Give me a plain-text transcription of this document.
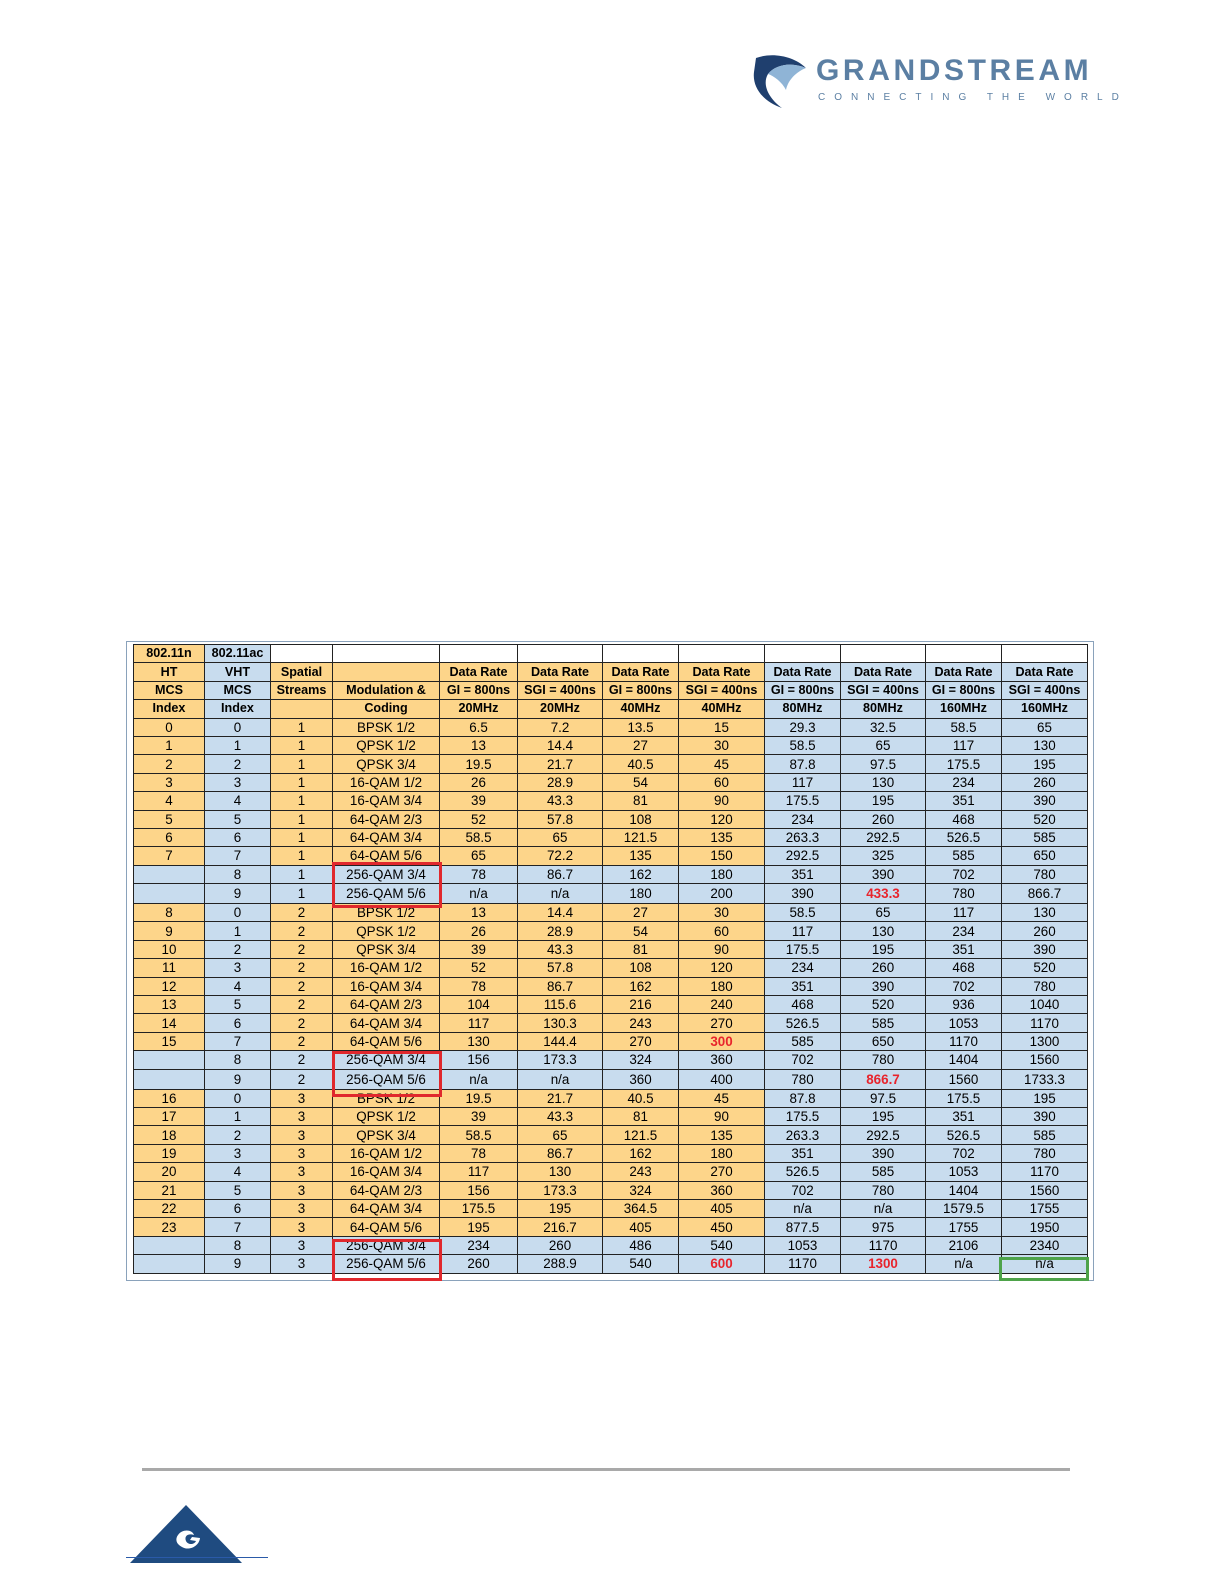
GRANDSTREAM
CONNECTING THE WORLD
802.11n	802.11ac										
HT	VHT	Spatial		Data Rate	Data Rate	Data Rate	Data Rate	Data Rate	Data Rate	Data Rate	Data Rate
MCS	MCS	Streams	Modulation &	GI = 800ns	SGI = 400ns	GI = 800ns	SGI = 400ns	GI = 800ns	SGI = 400ns	GI = 800ns	SGI = 400ns
Index	Index		Coding	20MHz	20MHz	40MHz	40MHz	80MHz	80MHz	160MHz	160MHz
0	0	1	BPSK 1/2	6.5	7.2	13.5	15	29.3	32.5	58.5	65
1	1	1	QPSK 1/2	13	14.4	27	30	58.5	65	117	130
2	2	1	QPSK 3/4	19.5	21.7	40.5	45	87.8	97.5	175.5	195
3	3	1	16-QAM 1/2	26	28.9	54	60	117	130	234	260
4	4	1	16-QAM 3/4	39	43.3	81	90	175.5	195	351	390
5	5	1	64-QAM 2/3	52	57.8	108	120	234	260	468	520
6	6	1	64-QAM 3/4	58.5	65	121.5	135	263.3	292.5	526.5	585
7	7	1	64-QAM 5/6	65	72.2	135	150	292.5	325	585	650
	8	1	256-QAM 3/4	78	86.7	162	180	351	390	702	780
	9	1	256-QAM 5/6	n/a	n/a	180	200	390	433.3	780	866.7
8	0	2	BPSK 1/2	13	14.4	27	30	58.5	65	117	130
9	1	2	QPSK 1/2	26	28.9	54	60	117	130	234	260
10	2	2	QPSK 3/4	39	43.3	81	90	175.5	195	351	390
11	3	2	16-QAM 1/2	52	57.8	108	120	234	260	468	520
12	4	2	16-QAM 3/4	78	86.7	162	180	351	390	702	780
13	5	2	64-QAM 2/3	104	115.6	216	240	468	520	936	1040
14	6	2	64-QAM 3/4	117	130.3	243	270	526.5	585	1053	1170
15	7	2	64-QAM 5/6	130	144.4	270	300	585	650	1170	1300
	8	2	256-QAM 3/4	156	173.3	324	360	702	780	1404	1560
	9	2	256-QAM 5/6	n/a	n/a	360	400	780	866.7	1560	1733.3
16	0	3	BPSK 1/2	19.5	21.7	40.5	45	87.8	97.5	175.5	195
17	1	3	QPSK 1/2	39	43.3	81	90	175.5	195	351	390
18	2	3	QPSK 3/4	58.5	65	121.5	135	263.3	292.5	526.5	585
19	3	3	16-QAM 1/2	78	86.7	162	180	351	390	702	780
20	4	3	16-QAM 3/4	117	130	243	270	526.5	585	1053	1170
21	5	3	64-QAM 2/3	156	173.3	324	360	702	780	1404	1560
22	6	3	64-QAM 3/4	175.5	195	364.5	405	n/a	n/a	1579.5	1755
23	7	3	64-QAM 5/6	195	216.7	405	450	877.5	975	1755	1950
	8	3	256-QAM 3/4	234	260	486	540	1053	1170	2106	2340
	9	3	256-QAM 5/6	260	288.9	540	600	1170	1300	n/a	n/a
